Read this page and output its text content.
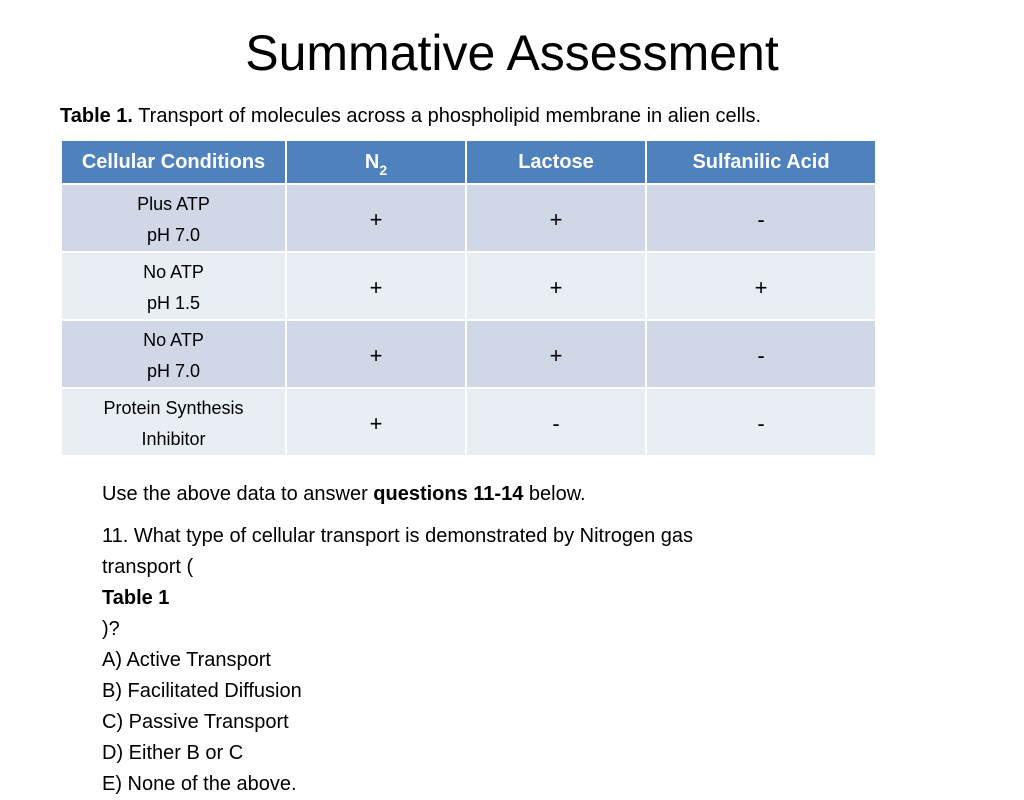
Summative Assessment

Table 1. Transport of molecules across a phospholipid membrane in alien cells.

Cellular Conditions	$N_2$	Lactose	Sulfanilic Acid

Plus ATP
pH 7.0	+	+	-

No ATP
pH 1.5	+	+	+

No ATP
pH 7.0	+	+	-

Protein Synthesis
Inhibitor	+	-	-

Use the above data to answer questions 11-14 below.

11. What type of cellular transport is demonstrated by Nitrogen gas
transport (
Table 1
)?
A) Active Transport
B) Facilitated Diffusion
C) Passive Transport
D) Either B or C
E) None of the above.
